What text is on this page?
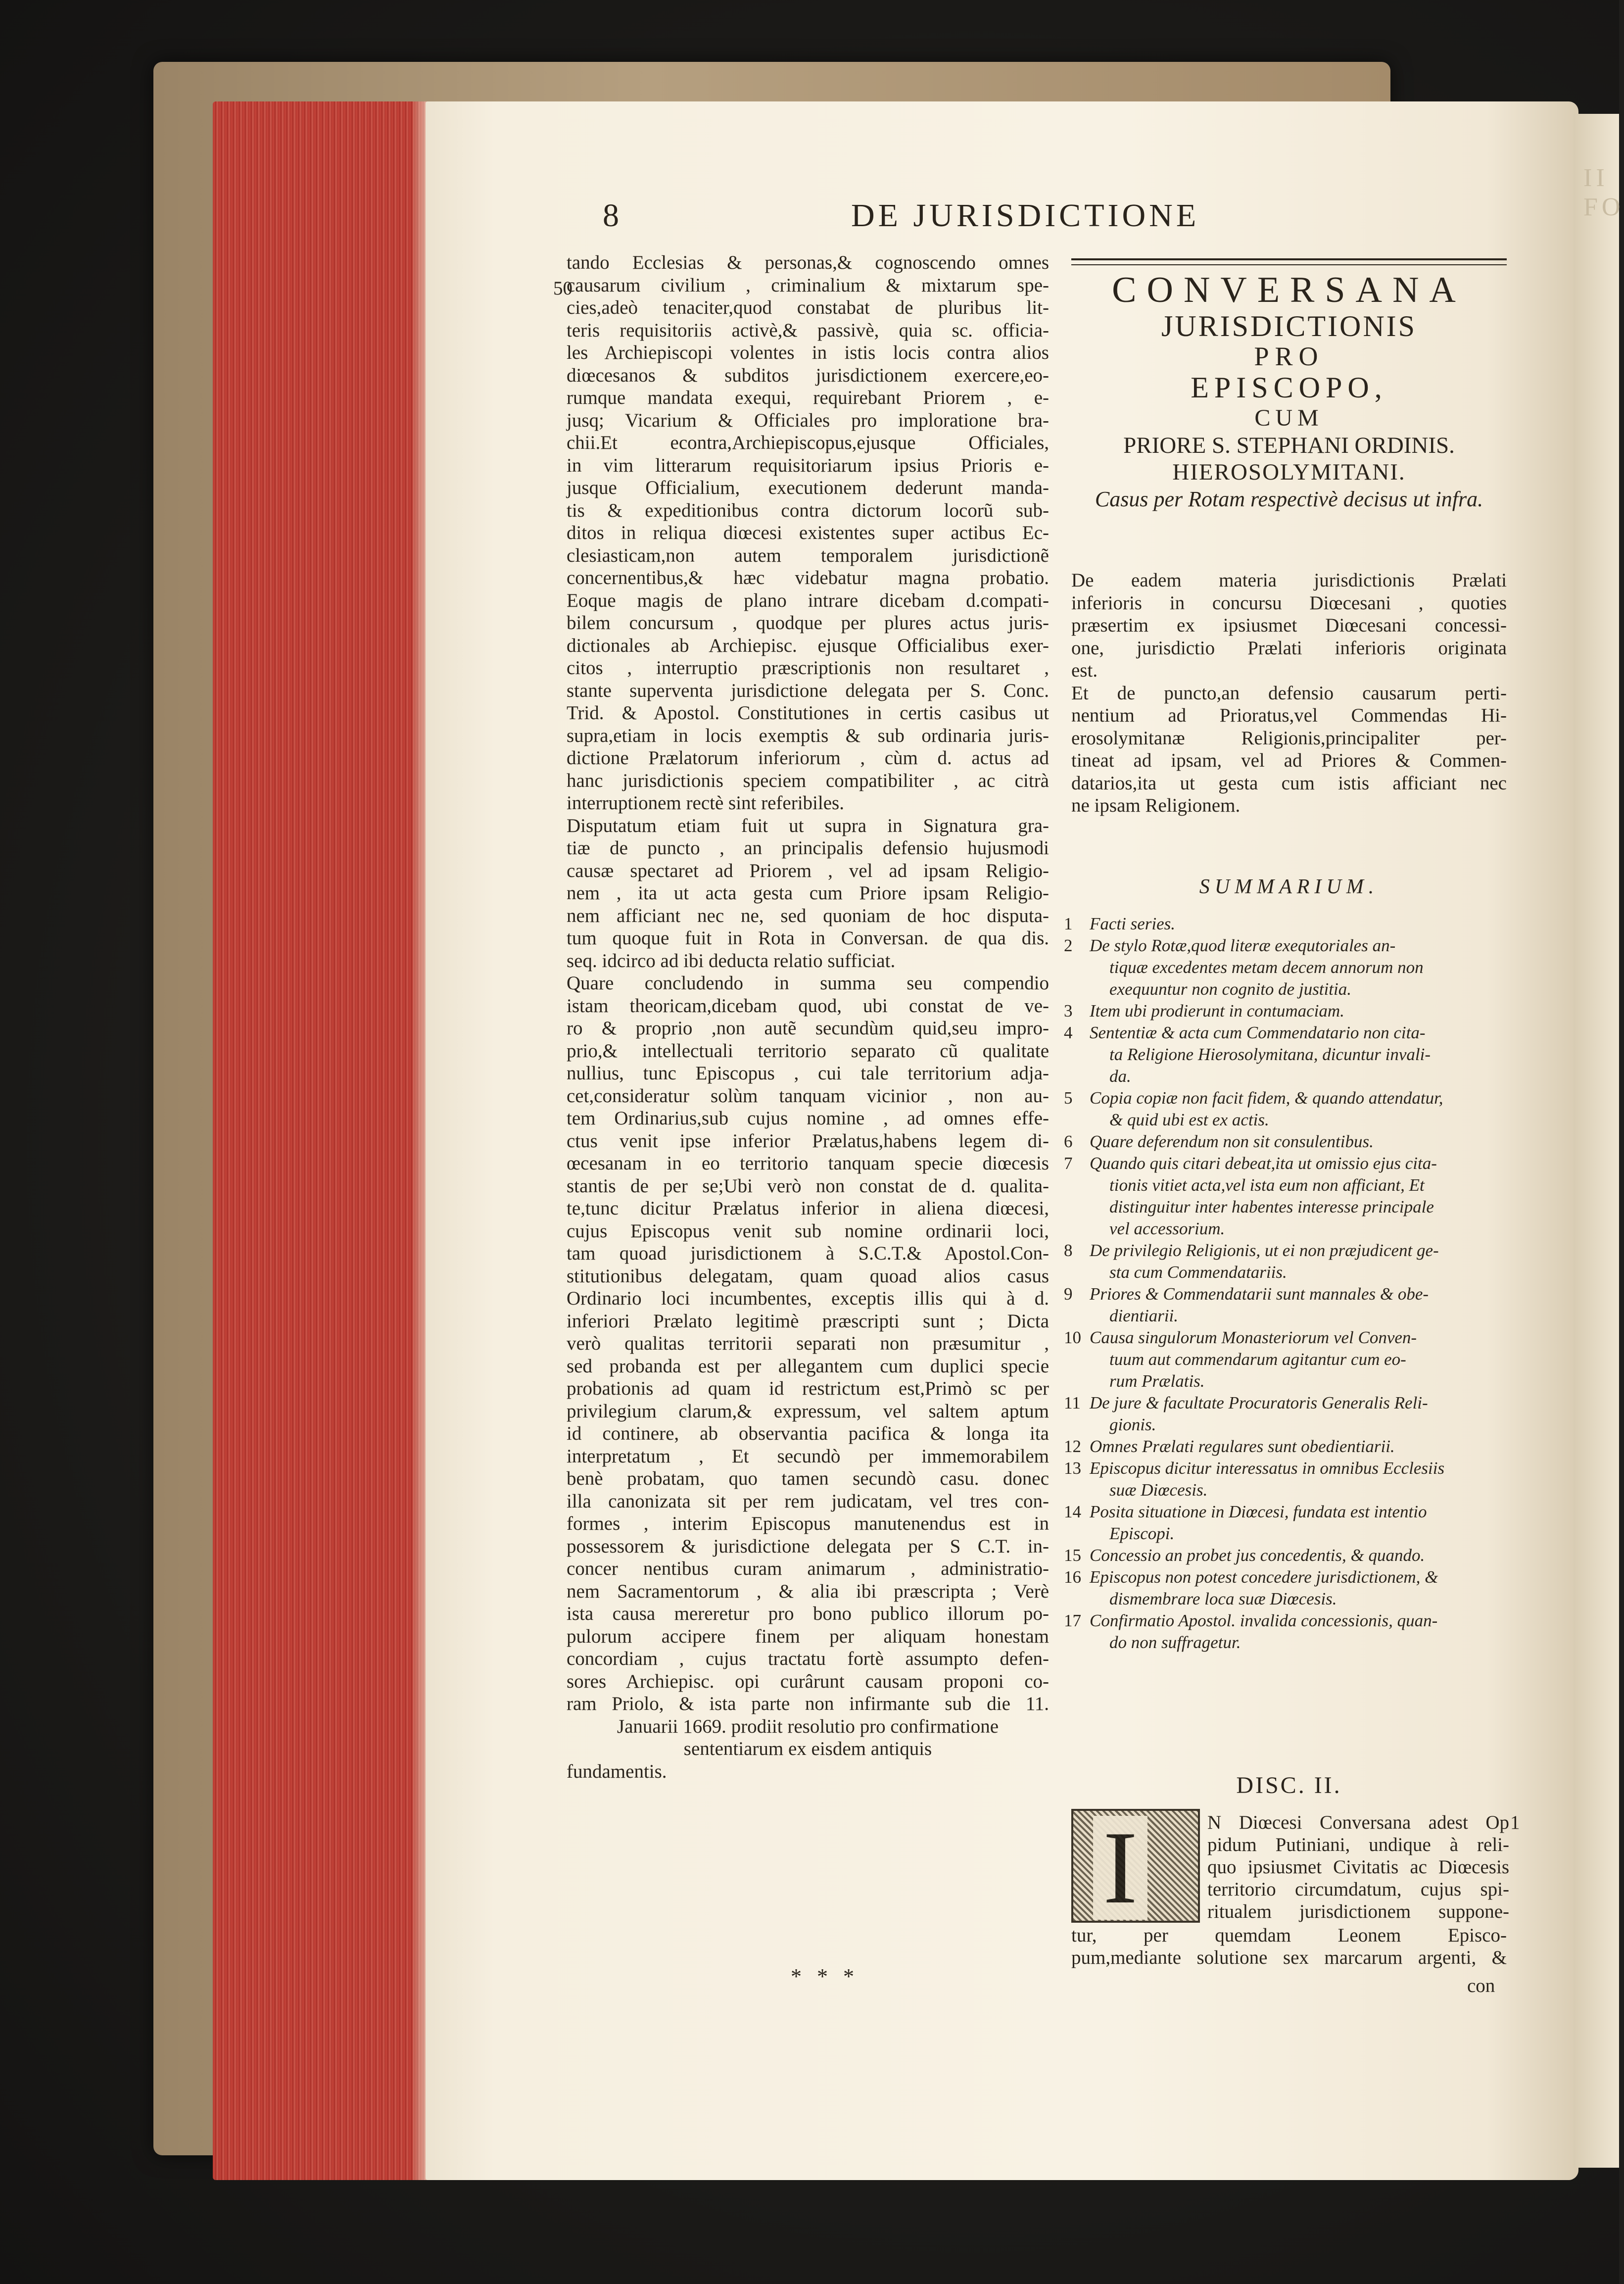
II FO
8	DE JURISDICTIONE
50
tando Ecclesias & personas,& cognoscendo omnes
causarum civilium , criminalium & mixtarum spe-
cies,adeò tenaciter,quod constabat de pluribus lit-
teris requisitoriis activè,& passivè, quia sc. officia-
les Archiepiscopi volentes in istis locis contra alios
diœcesanos & subditos jurisdictionem exercere,eo-
rumque mandata exequi, requirebant Priorem , e-
jusq; Vicarium & Officiales pro imploratione bra-
chii.Et econtra,Archiepiscopus,ejusque Officiales,
in vim litterarum requisitoriarum ipsius Prioris e-
jusque Officialium, executionem dederunt manda-
tis & expeditionibus contra dictorum locorũ sub-
ditos in reliqua diœcesi existentes super actibus Ec-
clesiasticam,non autem temporalem jurisdictionẽ
concernentibus,& hæc videbatur magna probatio.
Eoque magis de plano intrare dicebam d.compati-
bilem concursum , quodque per plures actus juris-
dictionales ab Archiepisc. ejusque Officialibus exer-
citos , interruptio præscriptionis non resultaret ,
stante superventa jurisdictione delegata per S. Conc.
Trid. & Apostol. Constitutiones in certis casibus ut
supra,etiam in locis exemptis & sub ordinaria juris-
dictione Prælatorum inferiorum , cùm d. actus ad
hanc jurisdictionis speciem compatibiliter , ac citrà
interruptionem rectè sint referibiles.
Disputatum etiam fuit ut supra in Signatura gra-
tiæ de puncto , an principalis defensio hujusmodi
causæ spectaret ad Priorem , vel ad ipsam Religio-
nem , ita ut acta gesta cum Priore ipsam Religio-
nem afficiant nec ne, sed quoniam de hoc disputa-
tum quoque fuit in Rota in Conversan. de qua dis.
seq. idcirco ad ibi deducta relatio sufficiat.
Quare concludendo in summa seu compendio
istam theoricam,dicebam quod, ubi constat de ve-
ro & proprio ,non autẽ secundùm quid,seu impro-
prio,& intellectuali territorio separato cũ qualitate
nullius, tunc Episcopus , cui tale territorium adja-
cet,consideratur solùm tanquam vicinior , non au-
tem Ordinarius,sub cujus nomine , ad omnes effe-
ctus venit ipse inferior Prælatus,habens legem di-
œcesanam in eo territorio tanquam specie diœcesis
stantis de per se;Ubi verò non constat de d. qualita-
te,tunc dicitur Prælatus inferior in aliena diœcesi,
cujus Episcopus venit sub nomine ordinarii loci,
tam quoad jurisdictionem à S.C.T.& Apostol.Con-
stitutionibus delegatam, quam quoad alios casus
Ordinario loci incumbentes, exceptis illis qui à d.
inferiori Prælato legitimè præscripti sunt ; Dicta
verò qualitas territorii separati non præsumitur ,
sed probanda est per allegantem cum duplici specie
probationis ad quam id restrictum est,Primò sc per
privilegium clarum,& expressum, vel saltem aptum
id continere, ab observantia pacifica & longa ita
interpretatum , Et secundò per immemorabilem
benè probatam, quo tamen secundò casu. donec
illa canonizata sit per rem judicatam, vel tres con-
formes , interim Episcopus manutenendus est in
possessorem & jurisdictione delegata per S C.T. in-
concer nentibus curam animarum , administratio-
nem Sacramentorum , & alia ibi præscripta ; Verè
ista causa mereretur pro bono publico illorum po-
pulorum accipere finem per aliquam honestam
concordiam , cujus tractatu fortè assumpto defen-
sores Archiepisc. opi curârunt causam proponi co-
ram Priolo, & ista parte non infirmante sub die 11.
Januarii 1669. prodiit resolutio pro confirmatione
sententiarum ex eisdem antiquis
fundamentis.
* * *
CONVERSANA
JURISDICTIONIS
PRO
EPISCOPO,
CUM
PRIORE S. STEPHANI ORDINIS.
HIEROSOLYMITANI.
Casus per Rotam respectivè decisus ut infra.
De eadem materia jurisdictionis Prælati
inferioris in concursu Diœcesani , quoties
præsertim ex ipsiusmet Diœcesani concessi-
one, jurisdictio Prælati inferioris originata
est.
Et de puncto,an defensio causarum perti-
nentium ad Prioratus,vel Commendas Hi-
erosolymitanæ Religionis,principaliter per-
tineat ad ipsam, vel ad Priores & Commen-
datarios,ita ut gesta cum istis afficiant nec
ne ipsam Religionem.
SUMMARIUM.
1 Facti series.
2 De stylo Rotæ,quod literæ exequtoriales an-
tiquæ excedentes metam decem annorum non
exequuntur non cognito de justitia.
3 Item ubi prodierunt in contumaciam.
4 Sententiæ & acta cum Commendatario non cita-
ta Religione Hierosolymitana, dicuntur invali-
da.
5 Copia copiæ non facit fidem, & quando attendatur,
& quid ubi est ex actis.
6 Quare deferendum non sit consulentibus.
7 Quando quis citari debeat,ita ut omissio ejus cita-
tionis vitiet acta,vel ista eum non afficiant, Et
distinguitur inter habentes interesse principale
vel accessorium.
8 De privilegio Religionis, ut ei non præjudicent ge-
sta cum Commendatariis.
9 Priores & Commendatarii sunt mannales & obe-
dientiarii.
10 Causa singulorum Monasteriorum vel Conven-
tuum aut commendarum agitantur cum eo-
rum Prælatis.
11 De jure & facultate Procuratoris Generalis Reli-
gionis.
12 Omnes Prælati regulares sunt obedientiarii.
13 Episcopus dicitur interessatus in omnibus Ecclesiis
suæ Diœcesis.
14 Posita situatione in Diœcesi, fundata est intentio
Episcopi.
15 Concessio an probet jus concedentis, & quando.
16 Episcopus non potest concedere jurisdictionem, &
dismembrare loca suæ Diœcesis.
17 Confirmatio Apostol. invalida concessionis, quan-
do non suffragetur.
DISC. II.
I	1
N Diœcesi Conversana adest Op
pidum Putiniani, undique à reli-
quo ipsiusmet Civitatis ac Diœcesis
territorio circumdatum, cujus spi-
ritualem jurisdictionem suppone-
tur, per quemdam Leonem Episco-
pum,mediante solutione sex marcarum argenti, &
con
